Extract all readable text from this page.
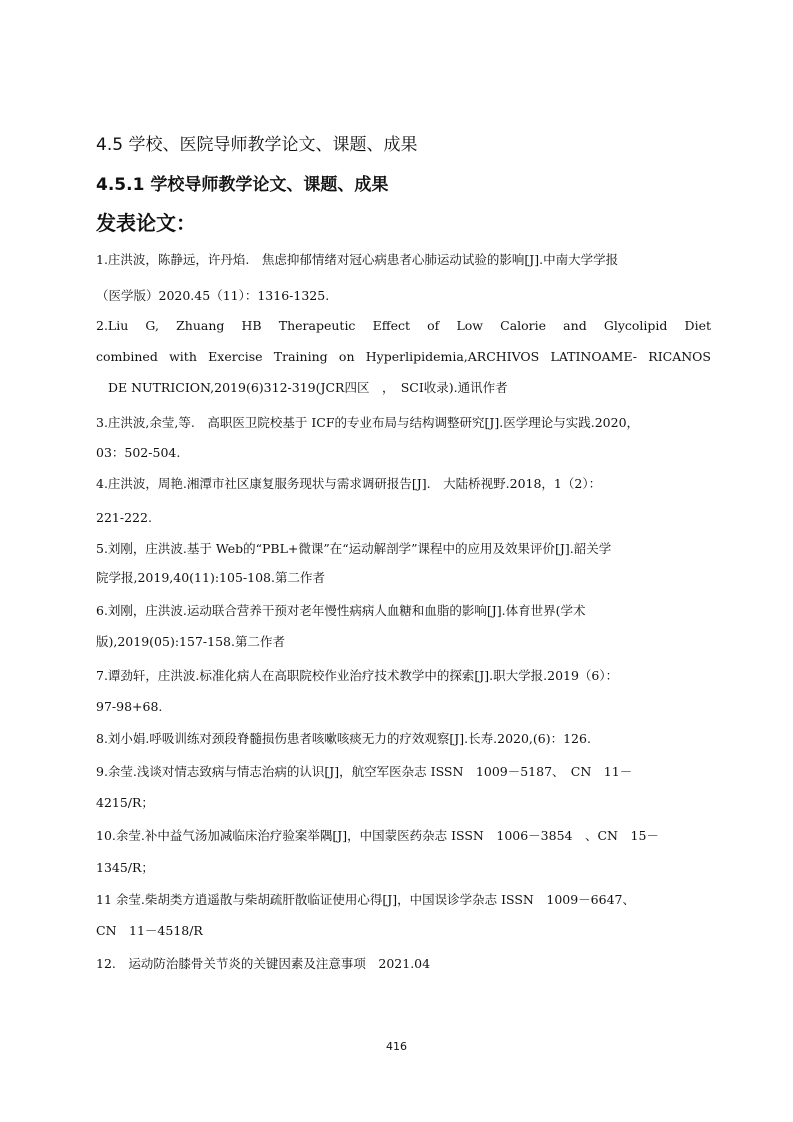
4.5 学校、医院导师教学论文、课题、成果
4.5.1 学校导师教学论文、课题、成果
发表论文：
1.庄洪波，陈静远，许丹焰.　焦虑抑郁情绪对冠心病患者心肺运动试验的影响[J].中南大学学报
（医学版）2020.45（11）：1316-1325.
2.Liu G, Zhuang HB Therapeutic Effect of Low Calorie and Glycolipid Diet
combined with Exercise Training on Hyperlipidemia,ARCHIVOS LATINOAME- RICANOS
DE NUTRICION,2019(6)312-319(JCR四区　，　SCI收录).通讯作者
3.庄洪波,余莹,等.　高职医卫院校基于 ICF的专业布局与结构调整研究[J].医学理论与实践.2020，
03：502-504.
4.庄洪波，周艳.湘潭市社区康复服务现状与需求调研报告[J].　大陆桥视野.2018，1（2）：
221-222.
5.刘刚，庄洪波.基于 Web的“PBL+微课”在“运动解剖学”课程中的应用及效果评价[J].韶关学
院学报,2019,40(11):105-108.第二作者
6.刘刚，庄洪波.运动联合营养干预对老年慢性病病人血糖和血脂的影响[J].体育世界(学术
版),2019(05):157-158.第二作者
7.谭劲轩，庄洪波.标准化病人在高职院校作业治疗技术教学中的探索[J].职大学报.2019（6）：
97-98+68.
8.刘小娟.呼吸训练对颈段脊髓损伤患者咳嗽咳痰无力的疗效观察[J].长寿.2020,(6)：126.
9.余莹.浅谈对情志致病与情志治病的认识[J]，航空军医杂志 ISSN　1009－5187、　CN　11－
4215/R；
10.余莹.补中益气汤加减临床治疗验案举隅[J]，中国蒙医药杂志 ISSN　1006－3854　、CN　15－
1345/R；
11 余莹.柴胡类方逍遥散与柴胡疏肝散临证使用心得[J]，中国误诊学杂志 ISSN　1009－6647、
CN　11－4518/R
12.　运动防治膝骨关节炎的关键因素及注意事项　2021.04
416
